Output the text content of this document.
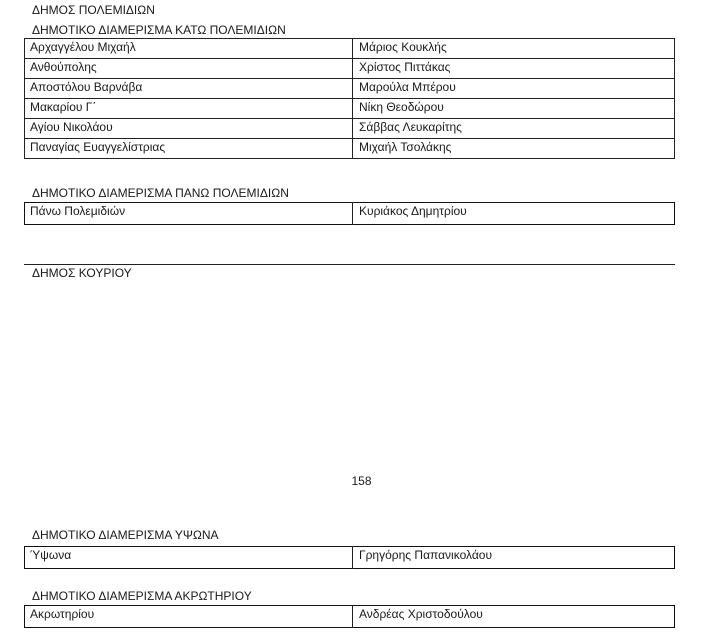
ΔΗΜΟΣ ΠΟΛΕΜΙΔΙΩΝ
ΔΗΜΟΤΙΚΟ ΔΙΑΜΕΡΙΣΜΑ ΚΑΤΩ ΠΟΛΕΜΙΔΙΩΝ
Αρχαγγέλου Μιχαήλ	Μάριος Κουκλής
Ανθούπολης	Χρίστος Πιττάκας
Αποστόλου Βαρνάβα	Μαρούλα Μπέρου
Μακαρίου Γ΄	Νίκη Θεοδώρου
Αγίου Νικολάου	Σάββας Λευκαρίτης
Παναγίας Ευαγγελίστριας	Μιχαήλ Τσολάκης
ΔΗΜΟΤΙΚΟ ΔΙΑΜΕΡΙΣΜΑ ΠΑΝΩ ΠΟΛΕΜΙΔΙΩΝ
Πάνω Πολεμιδιών	Κυριάκος Δημητρίου
ΔΗΜΟΣ ΚΟΥΡΙΟΥ
158
ΔΗΜΟΤΙΚΟ ΔΙΑΜΕΡΙΣΜΑ ΥΨΩΝΑ
Ύψωνα	Γρηγόρης Παπανικολάου
ΔΗΜΟΤΙΚΟ ΔΙΑΜΕΡΙΣΜΑ ΑΚΡΩΤΗΡΙΟΥ
Ακρωτηρίου	Ανδρέας Χριστοδούλου
